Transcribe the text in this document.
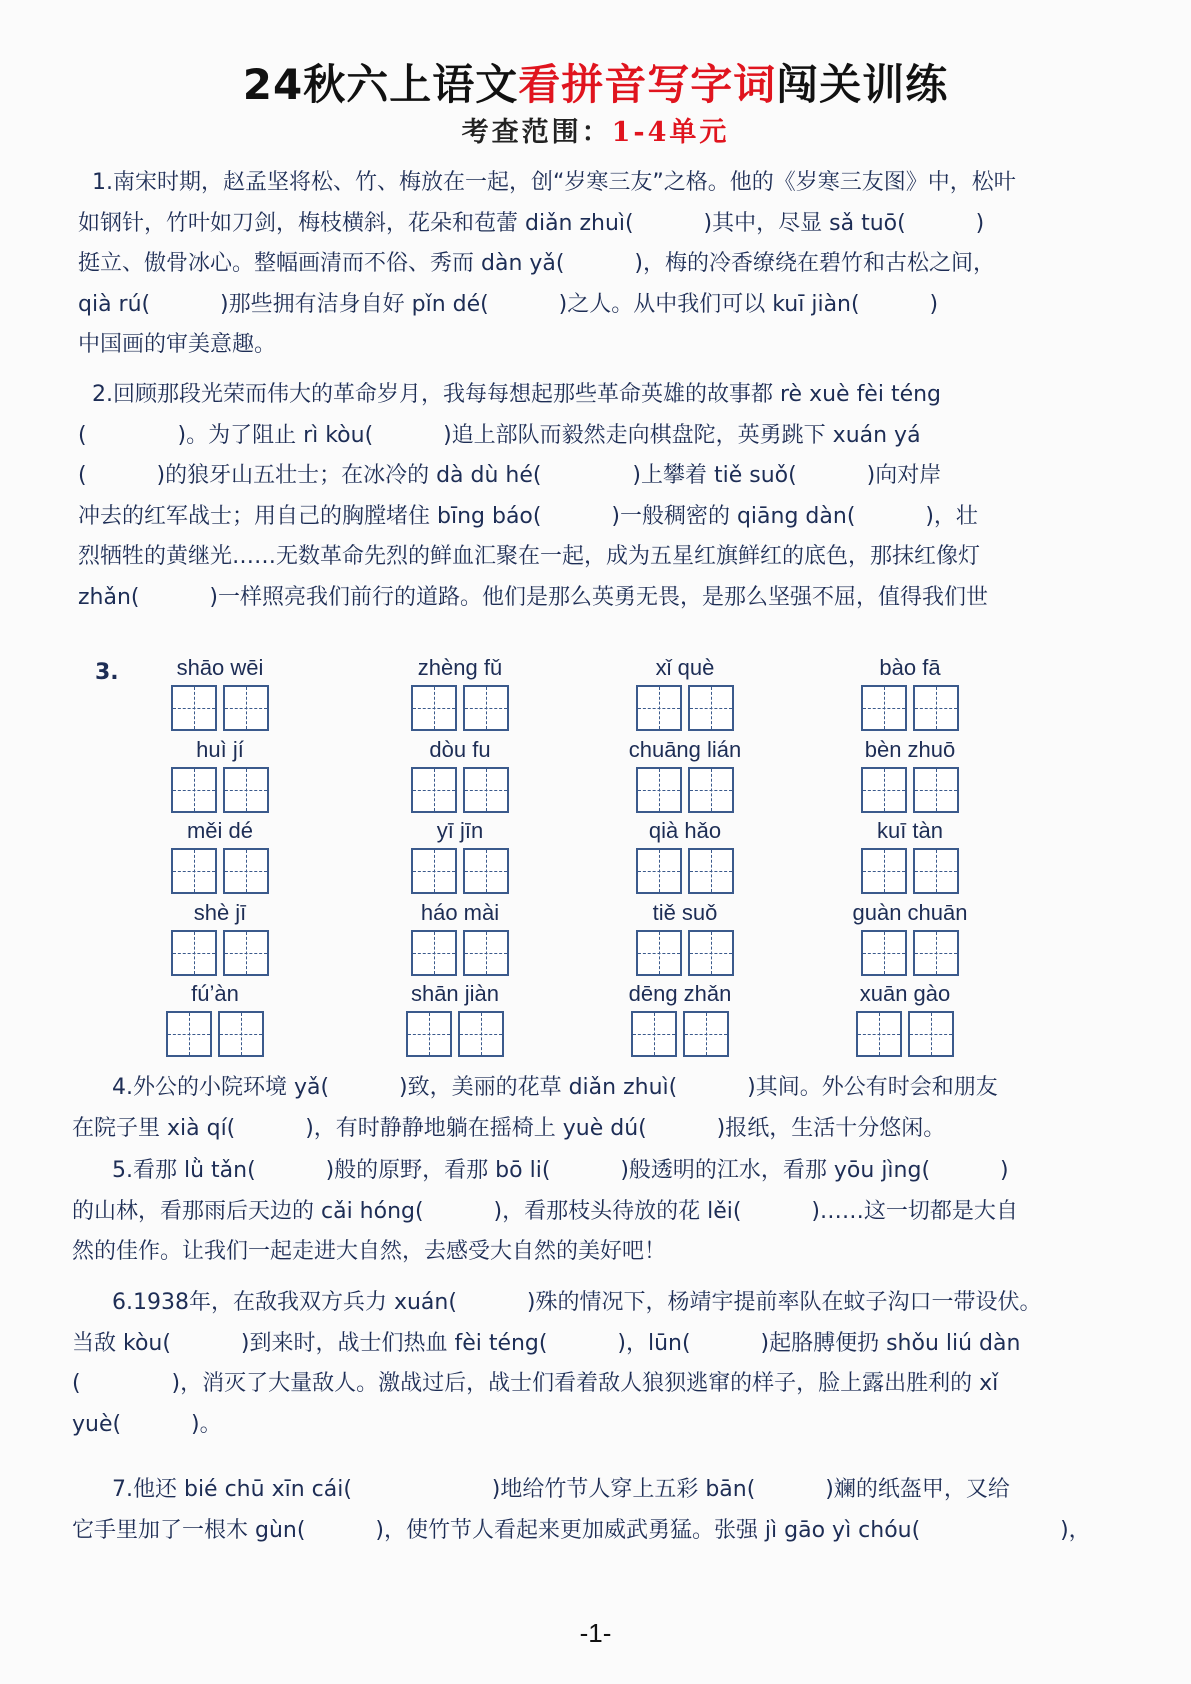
24秋六上语文看拼音写字词闯关训练
考查范围：1-4单元

1.南宋时期，赵孟坚将松、竹、梅放在一起，创“岁寒三友”之格。他的《岁寒三友图》中，松叶

如钢针，竹叶如刀剑，梅枝横斜，花朵和苞蕾 diǎn zhuì(          )其中，尽显 sǎ tuō(          )

挺立、傲骨冰心。整幅画清而不俗、秀而 dàn yǎ(          )，梅的冷香缭绕在碧竹和古松之间，

qià rú(          )那些拥有洁身自好 pǐn dé(          )之人。从中我们可以 kuī jiàn(          )

中国画的审美意趣。

2.回顾那段光荣而伟大的革命岁月，我每每想起那些革命英雄的故事都 rè xuè fèi téng

(             )。为了阻止 rì kòu(          )追上部队而毅然走向棋盘陀，英勇跳下 xuán yá

(          )的狼牙山五壮士；在冰冷的 dà dù hé(             )上攀着 tiě suǒ(          )向对岸

冲去的红军战士；用自己的胸膛堵住 bīng báo(          )一般稠密的 qiāng dàn(          )，壮

烈牺牲的黄继光……无数革命先烈的鲜血汇聚在一起，成为五星红旗鲜红的底色，那抹红像灯

zhǎn(          )一样照亮我们前行的道路。他们是那么英勇无畏，是那么坚强不屈，值得我们世

3.	shāo wēi	zhèng fǔ	xǐ què	bào fā
huì jí	dòu fu	chuāng lián	bèn zhuō
měi dé	yī jīn	qià hǎo	kuī tàn
shè jī	háo mài	tiě suǒ	guàn chuān
fú’àn	shān jiàn	dēng zhǎn	xuān gào

4.外公的小院环境 yǎ(          )致，美丽的花草 diǎn zhuì(          )其间。外公有时会和朋友

在院子里 xià qí(          )，有时静静地躺在摇椅上 yuè dú(          )报纸，生活十分悠闲。

5.看那 lǜ tǎn(          )般的原野，看那 bō li(          )般透明的江水，看那 yōu jìng(          )

的山林，看那雨后天边的 cǎi hóng(          )，看那枝头待放的花 lěi(          )……这一切都是大自

然的佳作。让我们一起走进大自然，去感受大自然的美好吧！

6.1938年，在敌我双方兵力 xuán(          )殊的情况下，杨靖宇提前率队在蚊子沟口一带设伏。

当敌 kòu(          )到来时，战士们热血 fèi téng(          )，lūn(          )起胳膊便扔 shǒu liú dàn

(             )，消灭了大量敌人。激战过后，战士们看着敌人狼狈逃窜的样子，脸上露出胜利的 xǐ

yuè(          )。

7.他还 bié chū xīn cái(                    )地给竹节人穿上五彩 bān(          )斓的纸盔甲，又给

它手里加了一根木 gùn(          )，使竹节人看起来更加威武勇猛。张强 jì gāo yì chóu(                    )，

-1-
